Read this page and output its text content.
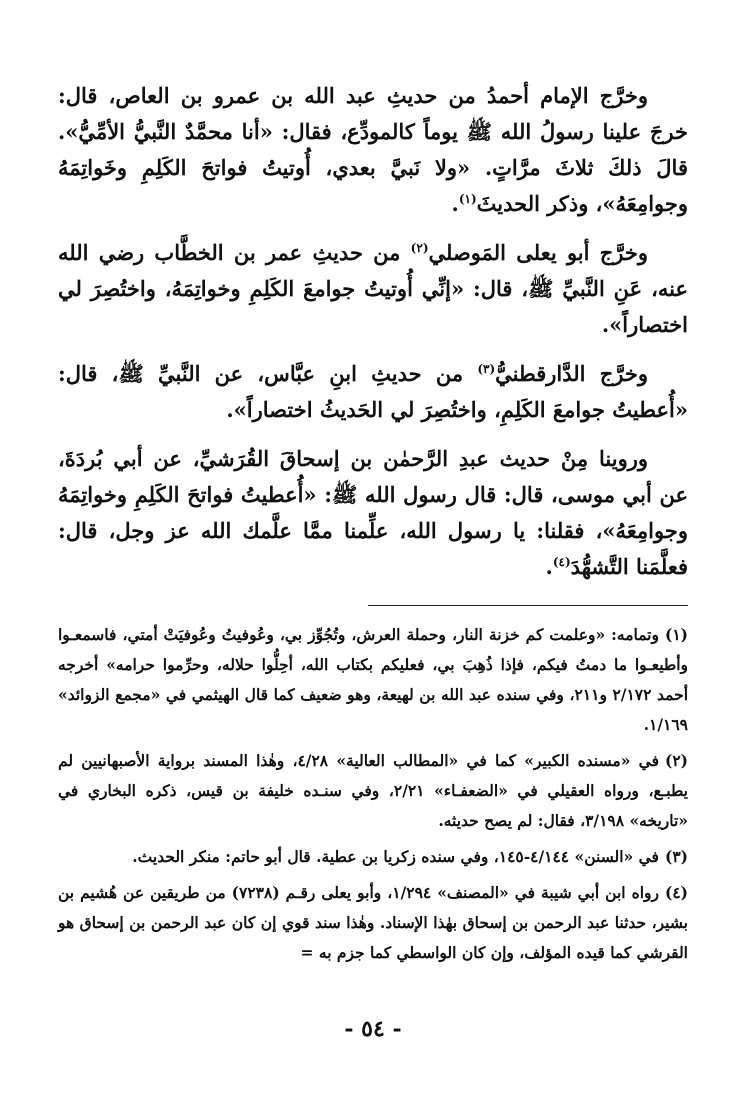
وخرَّج الإمام أحمدُ من حديثِ عبد الله بن عمرو بن العاص، قال: خرجَ علينا رسولُ الله ﷺ يوماً كالمودِّع، فقال: «أنا محمَّدٌ النَّبيُّ الأمِّيُّ». قالَ ذلكَ ثلاثَ مرَّاتٍ. «ولا نَبيَّ بعدي، أُوتيتُ فواتحَ الكَلِمِ وخَواتِمَهُ وجوامِعَهُ»، وذكر الحديثَ$^{(١)}$.

وخرَّج أبو يعلى المَوصلي$^{(٢)}$ من حديثِ عمر بن الخطَّاب رضي الله عنه، عَنِ النَّبيِّ ﷺ، قال: «إنِّي أُوتيتُ جوامعَ الكَلِمِ وخواتِمَهُ، واختُصِرَ لي اختصاراً».

وخرَّج الدَّارقطنيُّ$^{(٣)}$ من حديثِ ابنِ عبَّاس، عن النَّبيِّ ﷺ، قال: «أُعطيتُ جوامعَ الكَلِمِ، واختُصِرَ لي الحَديثُ اختصاراً».

وروينا مِنْ حديث عبدِ الرَّحمٰن بن إسحاقَ القُرَشيِّ، عن أبي بُردَةَ، عن أبي موسى، قال: قال رسول الله ﷺ: «أُعطيتُ فواتحَ الكَلِمِ وخواتِمَهُ وجوامِعَهُ»، فقلنا: يا رسول الله، علِّمنا ممَّا علَّمك الله عز وجل، قال: فعلَّمَنا التَّشهُّدَ$^{(٤)}$.

(١)وتمامه: «وعلمت كم خزنة النار، وحملة العرش، وتُجُوِّز بي، وعُوفيتُ وعُوفيَتْ أمتي، فاسمعـوا وأطيعـوا ما دمتُ فيكم، فإذا ذُهِبَ بي، فعليكم بكتاب الله، أحِلُّوا حلاله، وحرِّموا حرامه» أخرجه أحمد ٢/١٧٢ و٢١١، وفي سنده عبد الله بن لهيعة، وهو ضعيف كما قال الهيثمي في «مجمع الزوائد» ١/١٦٩.

(٢)في «مسنده الكبير» كما في «المطالب العالية» ٤/٢٨، وهٰذا المسند برواية الأصبهانيين لم يطبـع، ورواه العقيلي في «الضعفـاء» ٢/٢١، وفي سنـده خليفة بن قيس، ذكره البخاري في «تاريخه» ٣/١٩٨، فقال: لم يصح حديثه.

(٣)في «السنن» ٤/١٤٤-١٤٥، وفي سنده زكريا بن عطية. قال أبو حاتم: منكر الحديث.

(٤)رواه ابن أبي شيبة في «المصنف» ١/٢٩٤، وأبو يعلى رقـم (٧٢٣٨) من طريقين عن هُشيم بن بشير، حدثنا عبد الرحمن بن إسحاق بهٰذا الإسناد. وهٰذا سند قوي إن كان عبد الرحمن بن إسحاق هو القرشي كما قيده المؤلف، وإن كان الواسطي كما جزم به =

- ٥٤ -
